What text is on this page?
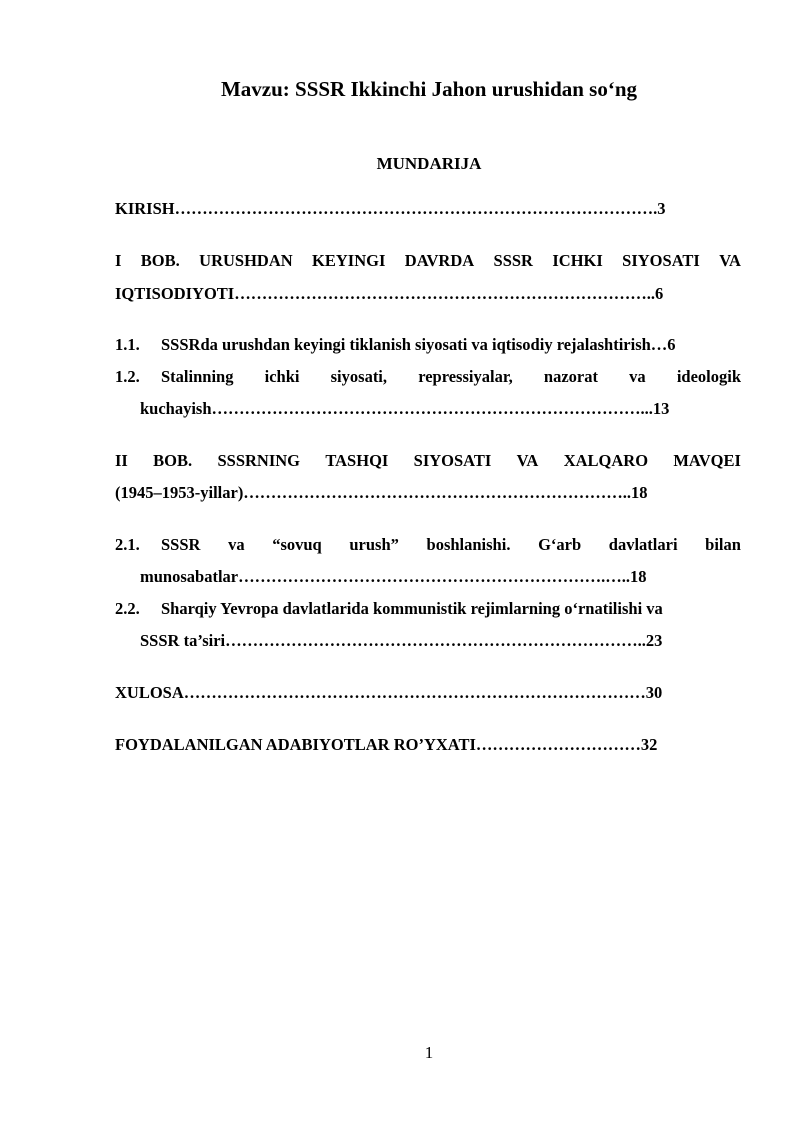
Mavzu: SSSR Ikkinchi Jahon urushidan so‘ng
MUNDARIJA
KIRISH…………………………………………………………………………….3
I BOB. URUSHDAN KEYINGI DAVRDA SSSR ICHKI SIYOSATI VA
IQTISODIYOTI…………………………………………………………………..6
1.1. SSSRda urushdan keyingi tiklanish siyosati va iqtisodiy rejalashtirish…6
1.2.	Stalinning ichki siyosati, repressiyalar, nazorat va ideologik
kuchayish……………………………………………………………………...13
II BOB. SSSRNING TASHQI SIYOSATI VA XALQARO MAVQEI
(1945–1953-yillar)……………………………………………………………..18
2.1.	SSSR va “sovuq urush” boshlanishi. G‘arb davlatlari bilan
munosabatlar………………………………………………………….…..18
2.2. Sharqiy Yevropa davlatlarida kommunistik rejimlarning o‘rnatilishi va
SSSR ta’siri…………………………………………………………………..23
XULOSA…………………………………………………………………………30
FOYDALANILGAN ADABIYOTLAR RO’YXATI…………………………32
1
